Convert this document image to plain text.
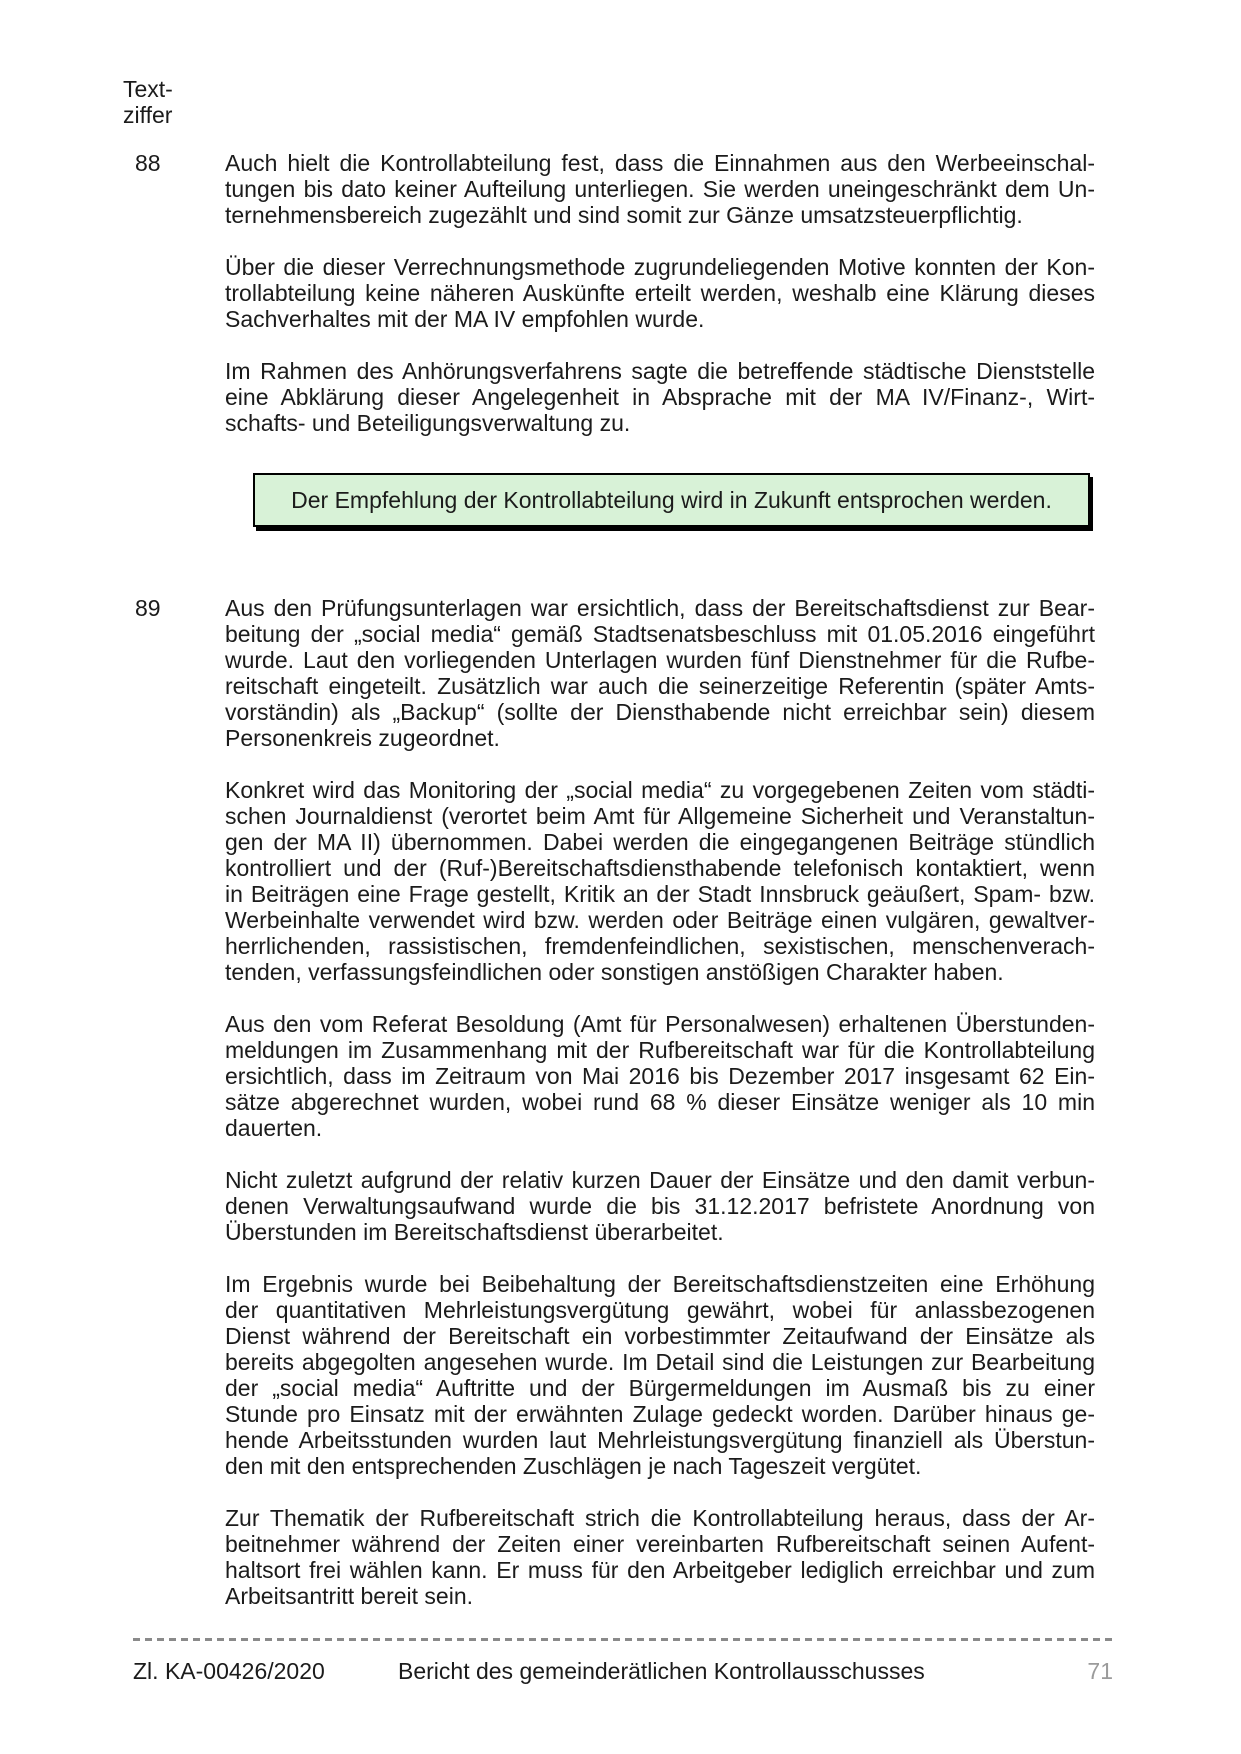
Text-
ziffer
88	Auch hielt die Kontrollabteilung fest, dass die Einnahmen aus den Werbeeinschal-
tungen bis dato keiner Aufteilung unterliegen. Sie werden uneingeschränkt dem Un-
ternehmensbereich zugezählt und sind somit zur Gänze umsatzsteuerpflichtig.
Über die dieser Verrechnungsmethode zugrundeliegenden Motive konnten der Kon-
trollabteilung keine näheren Auskünfte erteilt werden, weshalb eine Klärung dieses
Sachverhaltes mit der MA IV empfohlen wurde.
Im Rahmen des Anhörungsverfahrens sagte die betreffende städtische Dienststelle
eine Abklärung dieser Angelegenheit in Absprache mit der MA IV/Finanz-, Wirt-
schafts- und Beteiligungsverwaltung zu.
Der Empfehlung der Kontrollabteilung wird in Zukunft entsprochen werden.
89	Aus den Prüfungsunterlagen war ersichtlich, dass der Bereitschaftsdienst zur Bear-
beitung der „social media“ gemäß Stadtsenatsbeschluss mit 01.05.2016 eingeführt
wurde. Laut den vorliegenden Unterlagen wurden fünf Dienstnehmer für die Rufbe-
reitschaft eingeteilt. Zusätzlich war auch die seinerzeitige Referentin (später Amts-
vorständin) als „Backup“ (sollte der Diensthabende nicht erreichbar sein) diesem
Personenkreis zugeordnet.
Konkret wird das Monitoring der „social media“ zu vorgegebenen Zeiten vom städti-
schen Journaldienst (verortet beim Amt für Allgemeine Sicherheit und Veranstaltun-
gen der MA II) übernommen. Dabei werden die eingegangenen Beiträge stündlich
kontrolliert und der (Ruf-)Bereitschaftsdiensthabende telefonisch kontaktiert, wenn
in Beiträgen eine Frage gestellt, Kritik an der Stadt Innsbruck geäußert, Spam- bzw.
Werbeinhalte verwendet wird bzw. werden oder Beiträge einen vulgären, gewaltver-
herrlichenden, rassistischen, fremdenfeindlichen, sexistischen, menschenverach-
tenden, verfassungsfeindlichen oder sonstigen anstößigen Charakter haben.
Aus den vom Referat Besoldung (Amt für Personalwesen) erhaltenen Überstunden-
meldungen im Zusammenhang mit der Rufbereitschaft war für die Kontrollabteilung
ersichtlich, dass im Zeitraum von Mai 2016 bis Dezember 2017 insgesamt 62 Ein-
sätze abgerechnet wurden, wobei rund 68 % dieser Einsätze weniger als 10 min
dauerten.
Nicht zuletzt aufgrund der relativ kurzen Dauer der Einsätze und den damit verbun-
denen Verwaltungsaufwand wurde die bis 31.12.2017 befristete Anordnung von
Überstunden im Bereitschaftsdienst überarbeitet.
Im Ergebnis wurde bei Beibehaltung der Bereitschaftsdienstzeiten eine Erhöhung
der quantitativen Mehrleistungsvergütung gewährt, wobei für anlassbezogenen
Dienst während der Bereitschaft ein vorbestimmter Zeitaufwand der Einsätze als
bereits abgegolten angesehen wurde. Im Detail sind die Leistungen zur Bearbeitung
der „social media“ Auftritte und der Bürgermeldungen im Ausmaß bis zu einer
Stunde pro Einsatz mit der erwähnten Zulage gedeckt worden. Darüber hinaus ge-
hende Arbeitsstunden wurden laut Mehrleistungsvergütung finanziell als Überstun-
den mit den entsprechenden Zuschlägen je nach Tageszeit vergütet.
Zur Thematik der Rufbereitschaft strich die Kontrollabteilung heraus, dass der Ar-
beitnehmer während der Zeiten einer vereinbarten Rufbereitschaft seinen Aufent-
haltsort frei wählen kann. Er muss für den Arbeitgeber lediglich erreichbar und zum
Arbeitsantritt bereit sein.
Zl. KA-00426/2020	Bericht des gemeinderätlichen Kontrollausschusses	71
